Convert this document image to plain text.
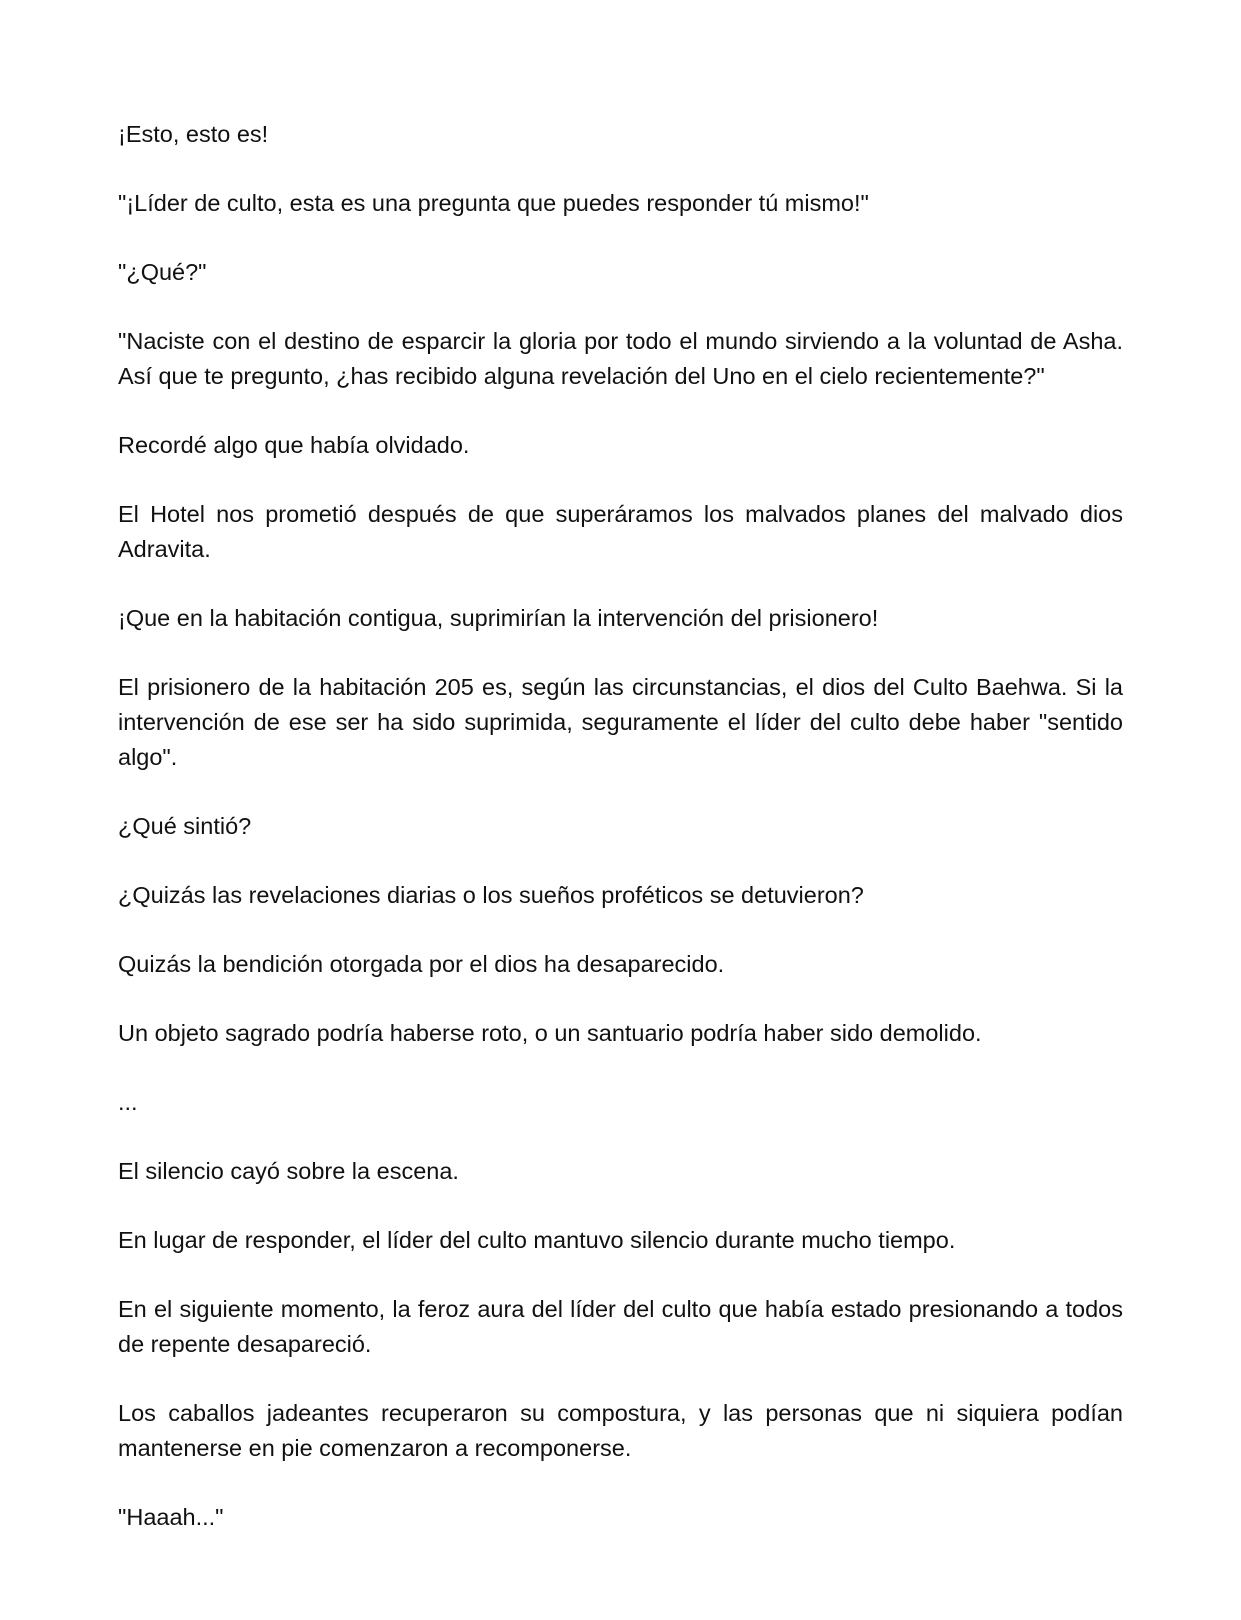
¡Esto, esto es!

"¡Líder de culto, esta es una pregunta que puedes responder tú mismo!"

"¿Qué?"

"Naciste con el destino de esparcir la gloria por todo el mundo sirviendo a la voluntad de Asha. Así que te pregunto, ¿has recibido alguna revelación del Uno en el cielo recientemente?"

Recordé algo que había olvidado.

El Hotel nos prometió después de que superáramos los malvados planes del malvado dios Adravita.

¡Que en la habitación contigua, suprimirían la intervención del prisionero!

El prisionero de la habitación 205 es, según las circunstancias, el dios del Culto Baehwa. Si la intervención de ese ser ha sido suprimida, seguramente el líder del culto debe haber "sentido algo".

¿Qué sintió?

¿Quizás las revelaciones diarias o los sueños proféticos se detuvieron?

Quizás la bendición otorgada por el dios ha desaparecido.

Un objeto sagrado podría haberse roto, o un santuario podría haber sido demolido.

...

El silencio cayó sobre la escena.

En lugar de responder, el líder del culto mantuvo silencio durante mucho tiempo.

En el siguiente momento, la feroz aura del líder del culto que había estado presionando a todos de repente desapareció.

Los caballos jadeantes recuperaron su compostura, y las personas que ni siquiera podían mantenerse en pie comenzaron a recomponerse.

"Haaah..."
